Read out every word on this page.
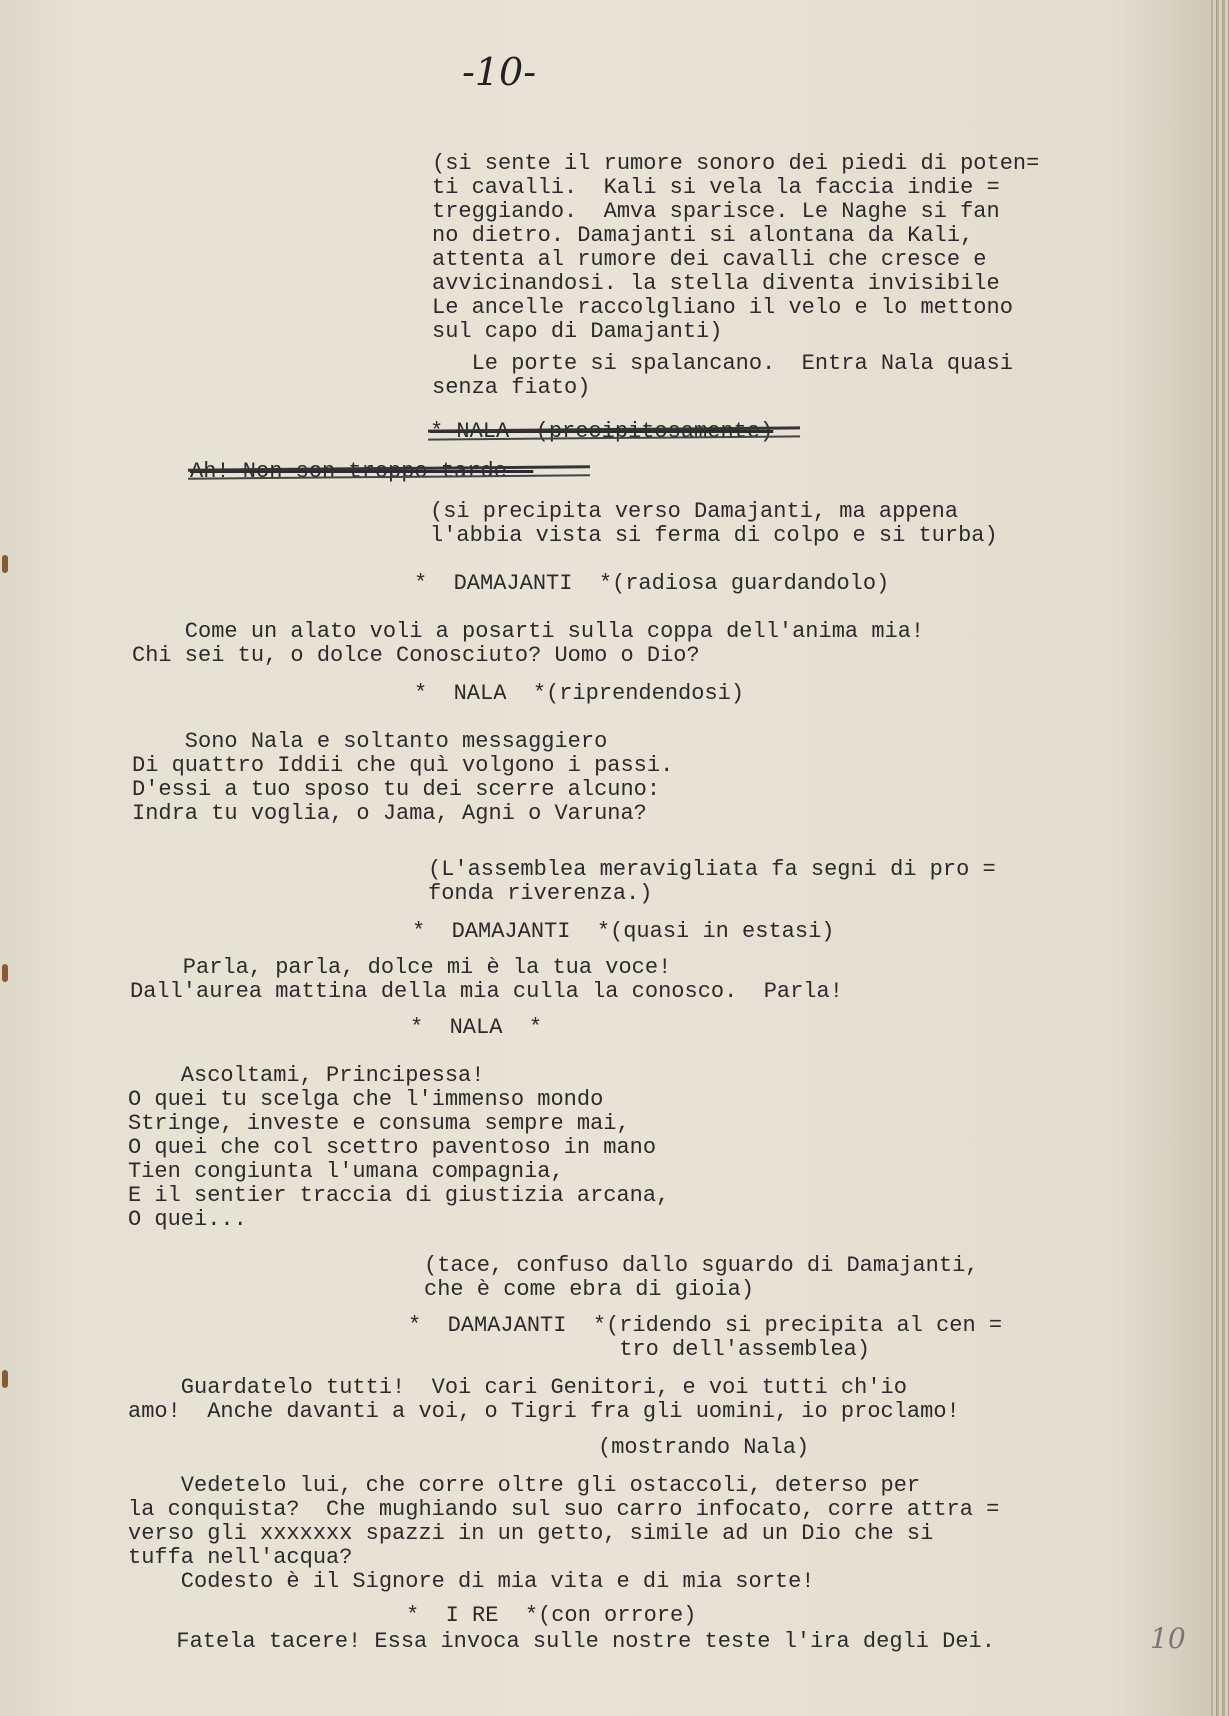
-10-
(si sente il rumore sonoro dei piedi di poten=
ti cavalli.  Kali si vela la faccia indie =
treggiando.  Amva sparisce. Le Naghe si fan
no dietro. Damajanti si alontana da Kali,
attenta al rumore dei cavalli che cresce e
avvicinandosi. la stella diventa invisibile
Le ancelle raccolgliano il velo e lo mettono
sul capo di Damajanti)
Le porte si spalancano.  Entra Nala quasi
senza fiato)
* NALA  (precipitosamente)
Ah! Non son troppo tarde -
(si precipita verso Damajanti, ma appena
l'abbia vista si ferma di colpo e si turba)
*  DAMAJANTI  *(radiosa guardandolo)
Come un alato voli a posarti sulla coppa dell'anima mia!
Chi sei tu, o dolce Conosciuto? Uomo o Dio?
*  NALA  *(riprendendosi)
Sono Nala e soltanto messaggiero
Di quattro Iddii che quì volgono i passi.
D'essi a tuo sposo tu dei scerre alcuno:
Indra tu voglia, o Jama, Agni o Varuna?
(L'assemblea meravigliata fa segni di pro =
fonda riverenza.)
*  DAMAJANTI  *(quasi in estasi)
Parla, parla, dolce mi è la tua voce!
Dall'aurea mattina della mia culla la conosco.  Parla!
*  NALA  *
Ascoltami, Principessa!
O quei tu scelga che l'immenso mondo
Stringe, investe e consuma sempre mai,
O quei che col scettro paventoso in mano
Tien congiunta l'umana compagnia,
E il sentier traccia di giustizia arcana,
O quei...
(tace, confuso dallo sguardo di Damajanti,
che è come ebra di gioia)
*  DAMAJANTI  *(ridendo si precipita al cen =
tro dell'assemblea)
Guardatelo tutti!  Voi cari Genitori, e voi tutti ch'io
amo!  Anche davanti a voi, o Tigri fra gli uomini, io proclamo!
(mostrando Nala)
Vedetelo lui, che corre oltre gli ostaccoli, deterso per
la conquista?  Che mughiando sul suo carro infocato, corre attra =
verso gli xxxxxxx spazzi in un getto, simile ad un Dio che si
tuffa nell'acqua?
Codesto è il Signore di mia vita e di mia sorte!
*  I RE  *(con orrore)
Fatela tacere! Essa invoca sulle nostre teste l'ira degli Dei.	10
